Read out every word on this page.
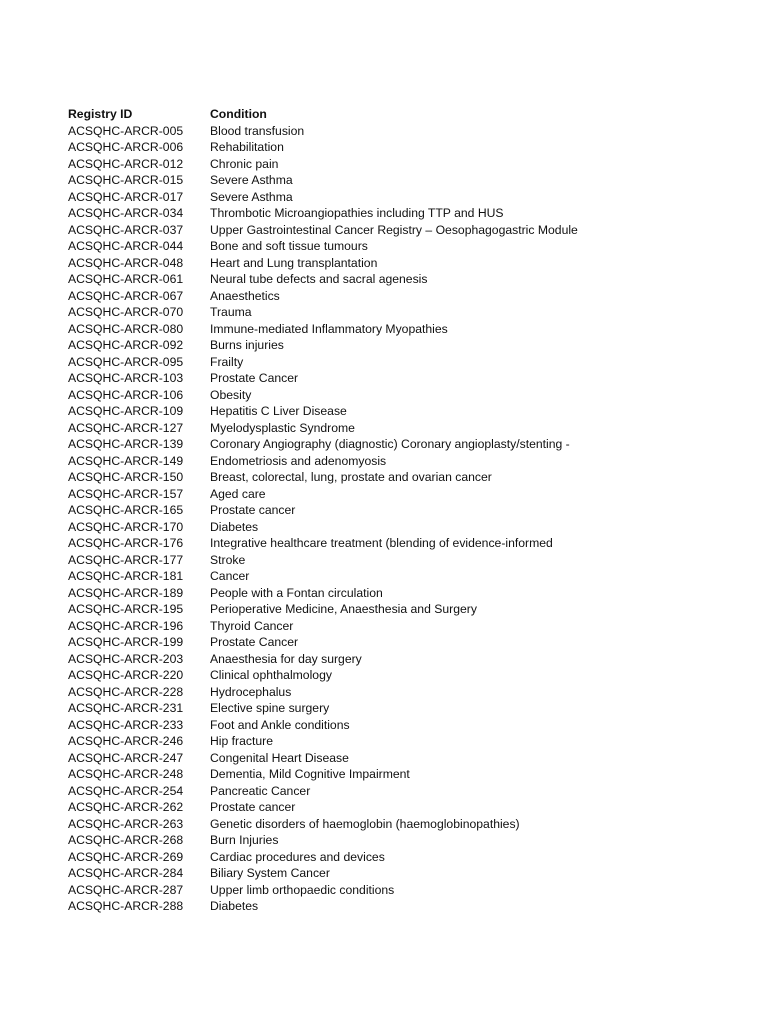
Registry ID	Condition
ACSQHC-ARCR-005	Blood transfusion
ACSQHC-ARCR-006	Rehabilitation
ACSQHC-ARCR-012	Chronic pain
ACSQHC-ARCR-015	Severe Asthma
ACSQHC-ARCR-017	Severe Asthma
ACSQHC-ARCR-034	Thrombotic Microangiopathies including TTP and HUS
ACSQHC-ARCR-037	Upper Gastrointestinal Cancer Registry – Oesophagogastric Module
ACSQHC-ARCR-044	Bone and soft tissue tumours
ACSQHC-ARCR-048	Heart and Lung transplantation
ACSQHC-ARCR-061	Neural tube defects and sacral agenesis
ACSQHC-ARCR-067	Anaesthetics
ACSQHC-ARCR-070	Trauma
ACSQHC-ARCR-080	Immune-mediated Inflammatory Myopathies
ACSQHC-ARCR-092	Burns injuries
ACSQHC-ARCR-095	Frailty
ACSQHC-ARCR-103	Prostate Cancer
ACSQHC-ARCR-106	Obesity
ACSQHC-ARCR-109	Hepatitis C Liver Disease
ACSQHC-ARCR-127	Myelodysplastic Syndrome
ACSQHC-ARCR-139	Coronary Angiography (diagnostic) Coronary angioplasty/stenting -
ACSQHC-ARCR-149	Endometriosis and adenomyosis
ACSQHC-ARCR-150	Breast, colorectal, lung, prostate and ovarian cancer
ACSQHC-ARCR-157	Aged care
ACSQHC-ARCR-165	Prostate cancer
ACSQHC-ARCR-170	Diabetes
ACSQHC-ARCR-176	Integrative healthcare treatment (blending of evidence-informed
ACSQHC-ARCR-177	Stroke
ACSQHC-ARCR-181	Cancer
ACSQHC-ARCR-189	People with a Fontan circulation
ACSQHC-ARCR-195	Perioperative Medicine, Anaesthesia and Surgery
ACSQHC-ARCR-196	Thyroid Cancer
ACSQHC-ARCR-199	Prostate Cancer
ACSQHC-ARCR-203	Anaesthesia for day surgery
ACSQHC-ARCR-220	Clinical ophthalmology
ACSQHC-ARCR-228	Hydrocephalus
ACSQHC-ARCR-231	Elective spine surgery
ACSQHC-ARCR-233	Foot and Ankle conditions
ACSQHC-ARCR-246	Hip fracture
ACSQHC-ARCR-247	Congenital Heart Disease
ACSQHC-ARCR-248	Dementia, Mild Cognitive Impairment
ACSQHC-ARCR-254	Pancreatic Cancer
ACSQHC-ARCR-262	Prostate cancer
ACSQHC-ARCR-263	Genetic disorders of haemoglobin (haemoglobinopathies)
ACSQHC-ARCR-268	Burn Injuries
ACSQHC-ARCR-269	Cardiac procedures and devices
ACSQHC-ARCR-284	Biliary System Cancer
ACSQHC-ARCR-287	Upper limb orthopaedic conditions
ACSQHC-ARCR-288	Diabetes
